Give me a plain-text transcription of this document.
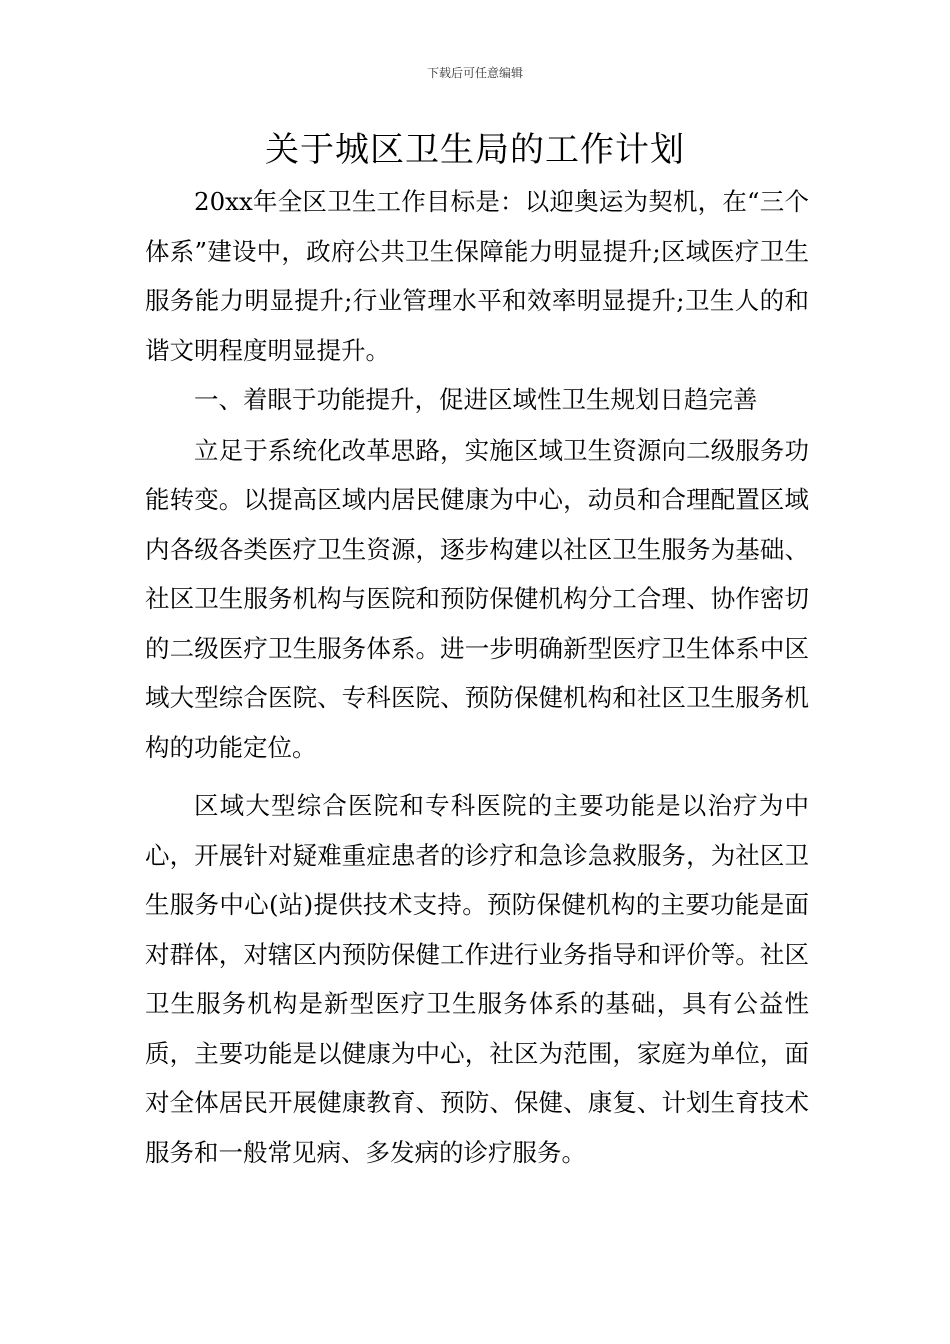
下载后可任意编辑
关于城区卫生局的工作计划

20xx年全区卫生工作目标是：以迎奥运为契机，在“三个体系”建设中，政府公共卫生保障能力明显提升;区域医疗卫生服务能力明显提升;行业管理水平和效率明显提升;卫生人的和谐文明程度明显提升。

一、着眼于功能提升，促进区域性卫生规划日趋完善

立足于系统化改革思路，实施区域卫生资源向二级服务功能转变。以提高区域内居民健康为中心，动员和合理配置区域内各级各类医疗卫生资源，逐步构建以社区卫生服务为基础、社区卫生服务机构与医院和预防保健机构分工合理、协作密切的二级医疗卫生服务体系。进一步明确新型医疗卫生体系中区域大型综合医院、专科医院、预防保健机构和社区卫生服务机构的功能定位。

区域大型综合医院和专科医院的主要功能是以治疗为中心，开展针对疑难重症患者的诊疗和急诊急救服务，为社区卫生服务中心(站)提供技术支持。预防保健机构的主要功能是面对群体，对辖区内预防保健工作进行业务指导和评价等。社区卫生服务机构是新型医疗卫生服务体系的基础，具有公益性质，主要功能是以健康为中心，社区为范围，家庭为单位，面对全体居民开展健康教育、预防、保健、康复、计划生育技术服务和一般常见病、多发病的诊疗服务。
